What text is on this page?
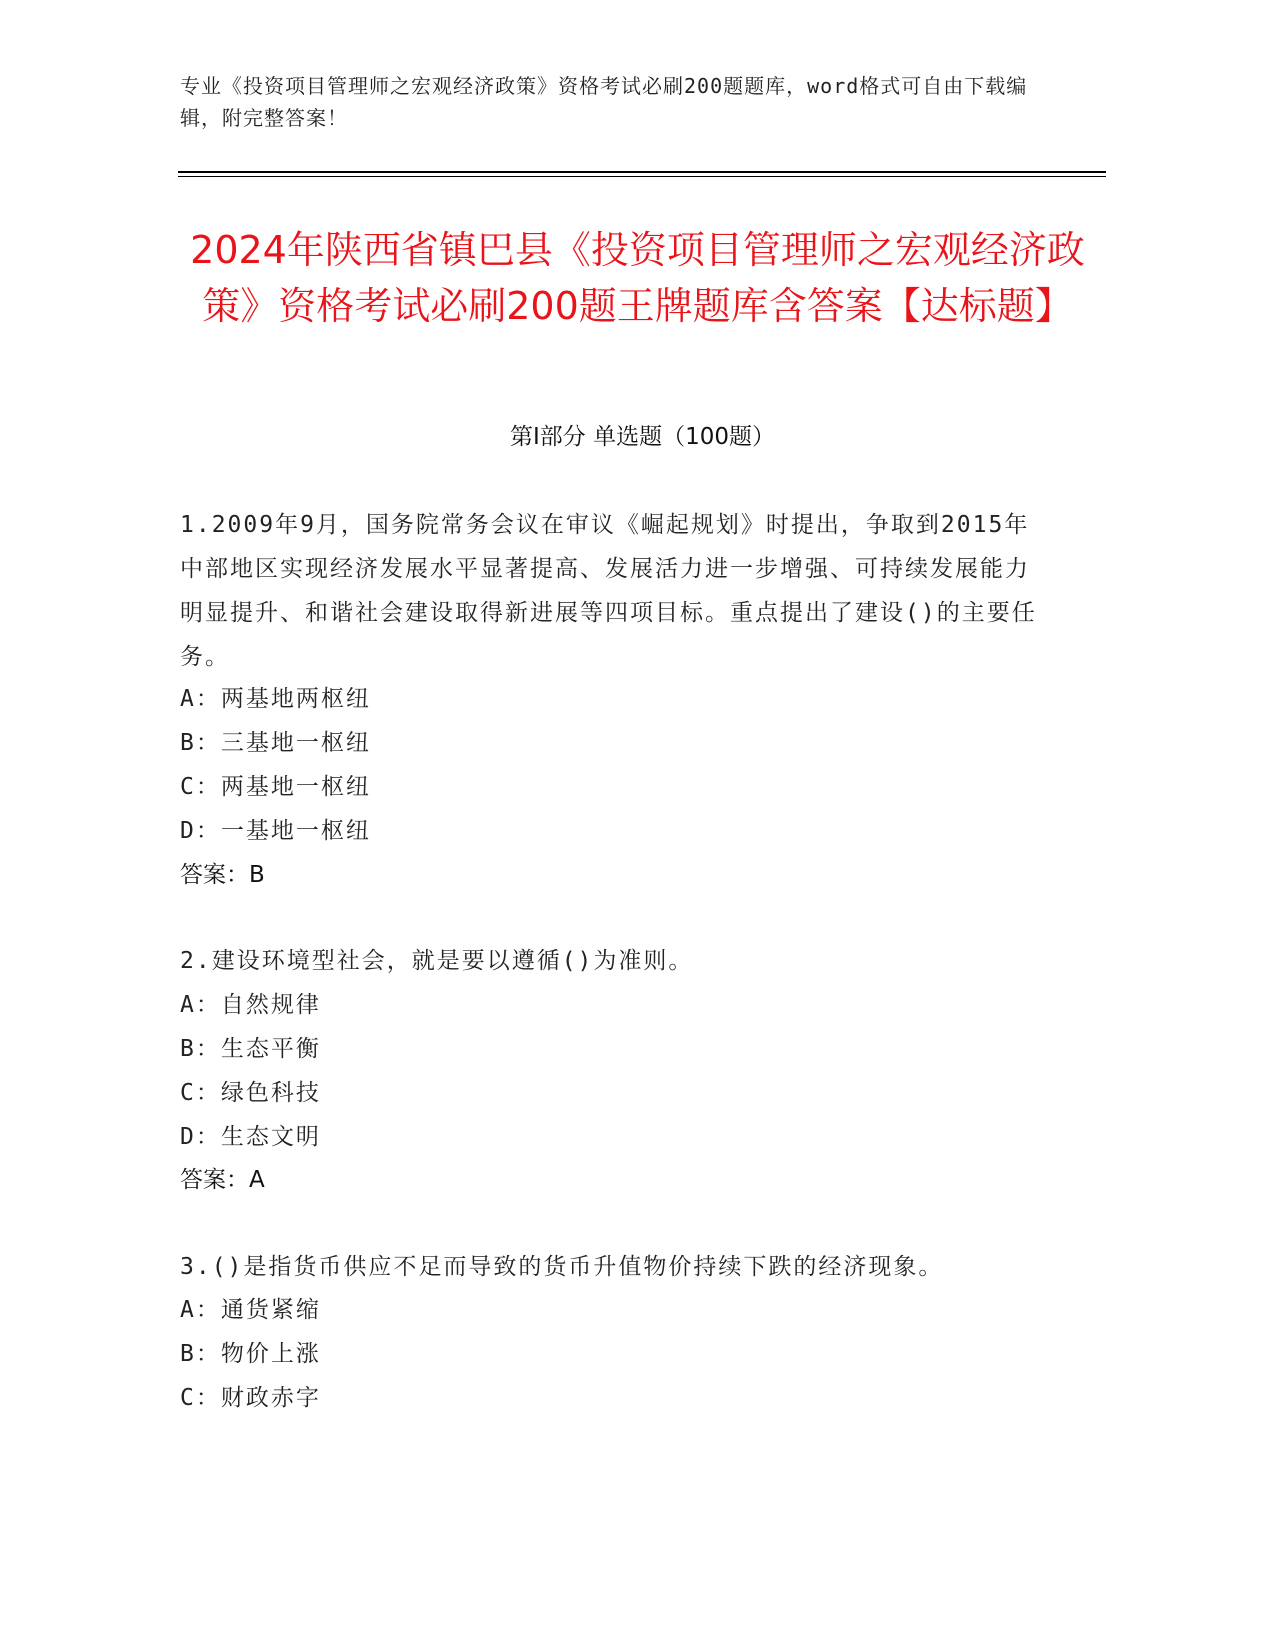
专业《投资项目管理师之宏观经济政策》资格考试必刷200题题库，word格式可自由下载编辑，附完整答案！
2024年陕西省镇巴县《投资项目管理师之宏观经济政策》资格考试必刷200题王牌题库含答案【达标题】
第Ⅰ部分 单选题（100题）
1.2009年9月，国务院常务会议在审议《崛起规划》时提出，争取到2015年中部地区实现经济发展水平显著提高、发展活力进一步增强、可持续发展能力明显提升、和谐社会建设取得新进展等四项目标。重点提出了建设()的主要任务。
A：两基地两枢纽
B：三基地一枢纽
C：两基地一枢纽
D：一基地一枢纽
答案：B
2.建设环境型社会，就是要以遵循()为准则。
A：自然规律
B：生态平衡
C：绿色科技
D：生态文明
答案：A
3.()是指货币供应不足而导致的货币升值物价持续下跌的经济现象。
A：通货紧缩
B：物价上涨
C：财政赤字
